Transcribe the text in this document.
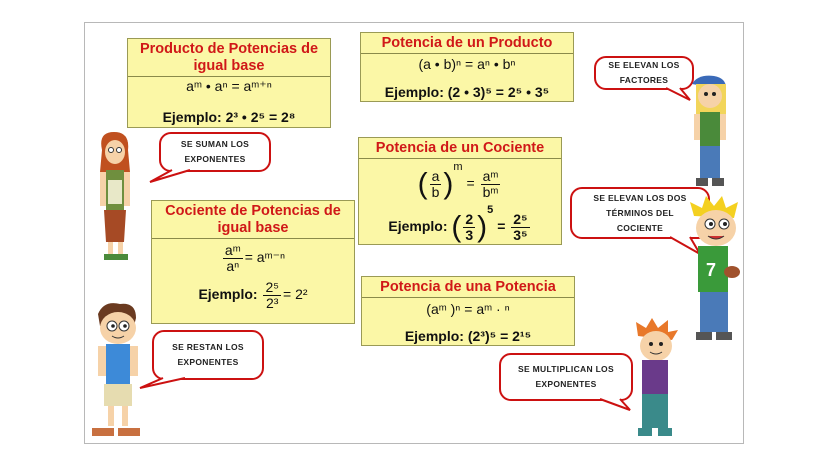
Producto de Potencias de
igual base
aᵐ • aⁿ = aᵐ⁺ⁿ
Ejemplo: 2³ • 2⁵ = 2⁸
Potencia de un Producto
(a • b)ⁿ = aⁿ • bⁿ
Ejemplo: (2 • 3)⁵ = 2⁵ • 3⁵
Potencia de un Cociente
( $\frac{a}{b} )^m = \frac{\text{aᵐ}}{\text{bᵐ}}$
Ejemplo: ( $\frac{2}{3} )^5 = \frac{\text{2⁵}}{\text{3⁵}}$
Cociente de Potencias de
igual base
$\frac{\text{aᵐ}}{\text{aⁿ}}$ = aᵐ⁻ⁿ
Ejemplo: $\frac{\text{2⁵}}{\text{2³}} = 2^2$	Potencia de una Potencia
(aᵐ )ⁿ = aᵐ · ⁿ
Ejemplo: (2³)⁵ = 2¹⁵
SE SUMAN LOS
EXPONENTES
SE RESTAN LOS
EXPONENTES
SE ELEVAN LOS
FACTORES
SE ELEVAN LOS DOS
TÉRMINOS DEL
COCIENTE
SE MULTIPLICAN LOS
EXPONENTES
7
